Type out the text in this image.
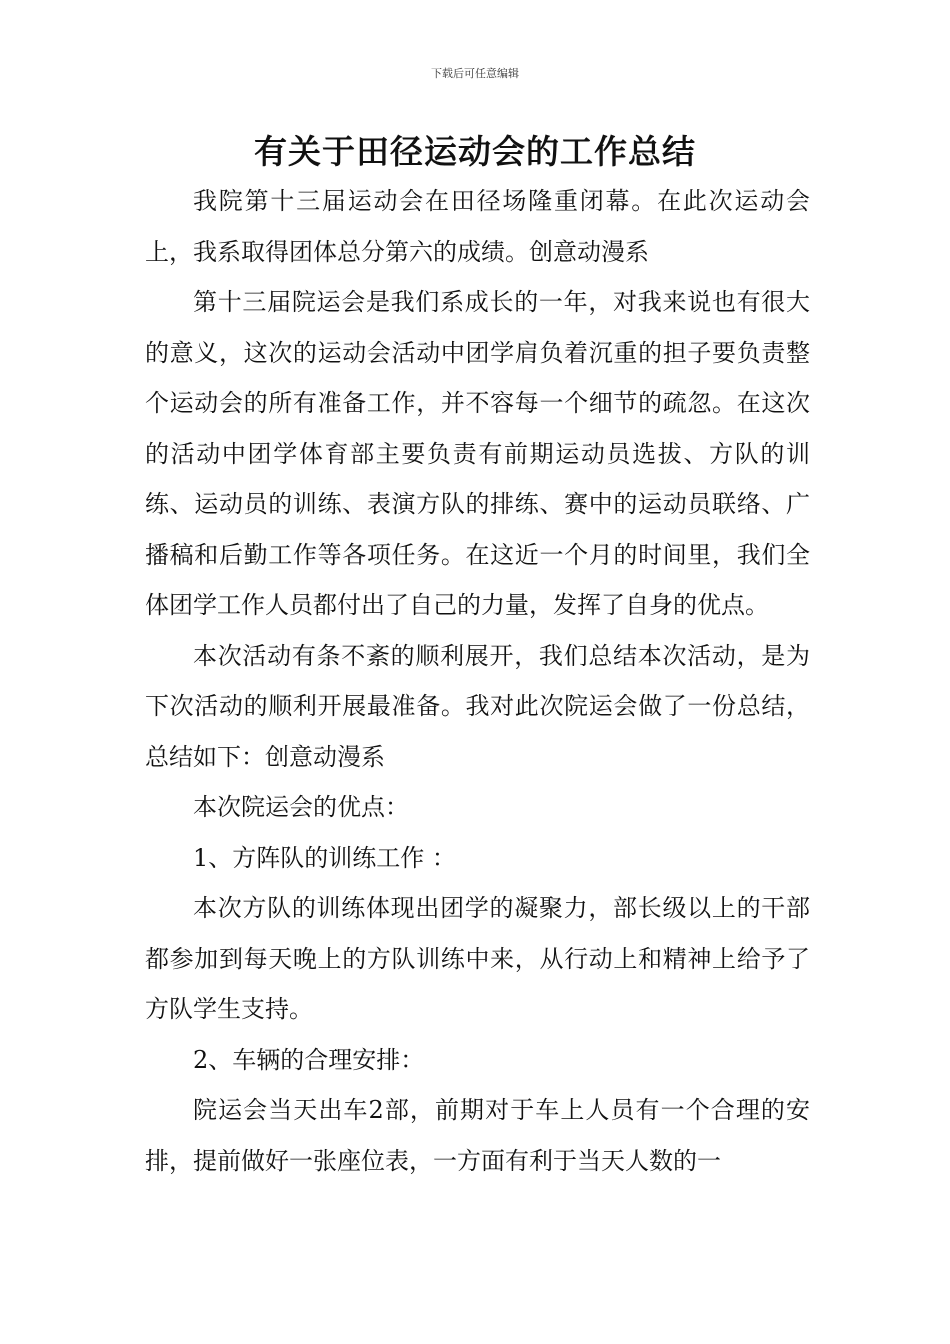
下载后可任意编辑
有关于田径运动会的工作总结

我院第十三届运动会在田径场隆重闭幕。在此次运动会上，我系取得团体总分第六的成绩。创意动漫系

第十三届院运会是我们系成长的一年，对我来说也有很大的意义，这次的运动会活动中团学肩负着沉重的担子要负责整个运动会的所有准备工作，并不容每一个细节的疏忽。在这次的活动中团学体育部主要负责有前期运动员选拔、方队的训练、运动员的训练、表演方队的排练、赛中的运动员联络、广播稿和后勤工作等各项任务。在这近一个月的时间里，我们全体团学工作人员都付出了自己的力量，发挥了自身的优点。

本次活动有条不紊的顺利展开，我们总结本次活动，是为下次活动的顺利开展最准备。我对此次院运会做了一份总结，总结如下：创意动漫系

本次院运会的优点：

1、方阵队的训练工作 ：

本次方队的训练体现出团学的凝聚力，部长级以上的干部都参加到每天晚上的方队训练中来，从行动上和精神上给予了方队学生支持。

2、车辆的合理安排：

院运会当天出车2部，前期对于车上人员有一个合理的安排，提前做好一张座位表，一方面有利于当天人数的一
